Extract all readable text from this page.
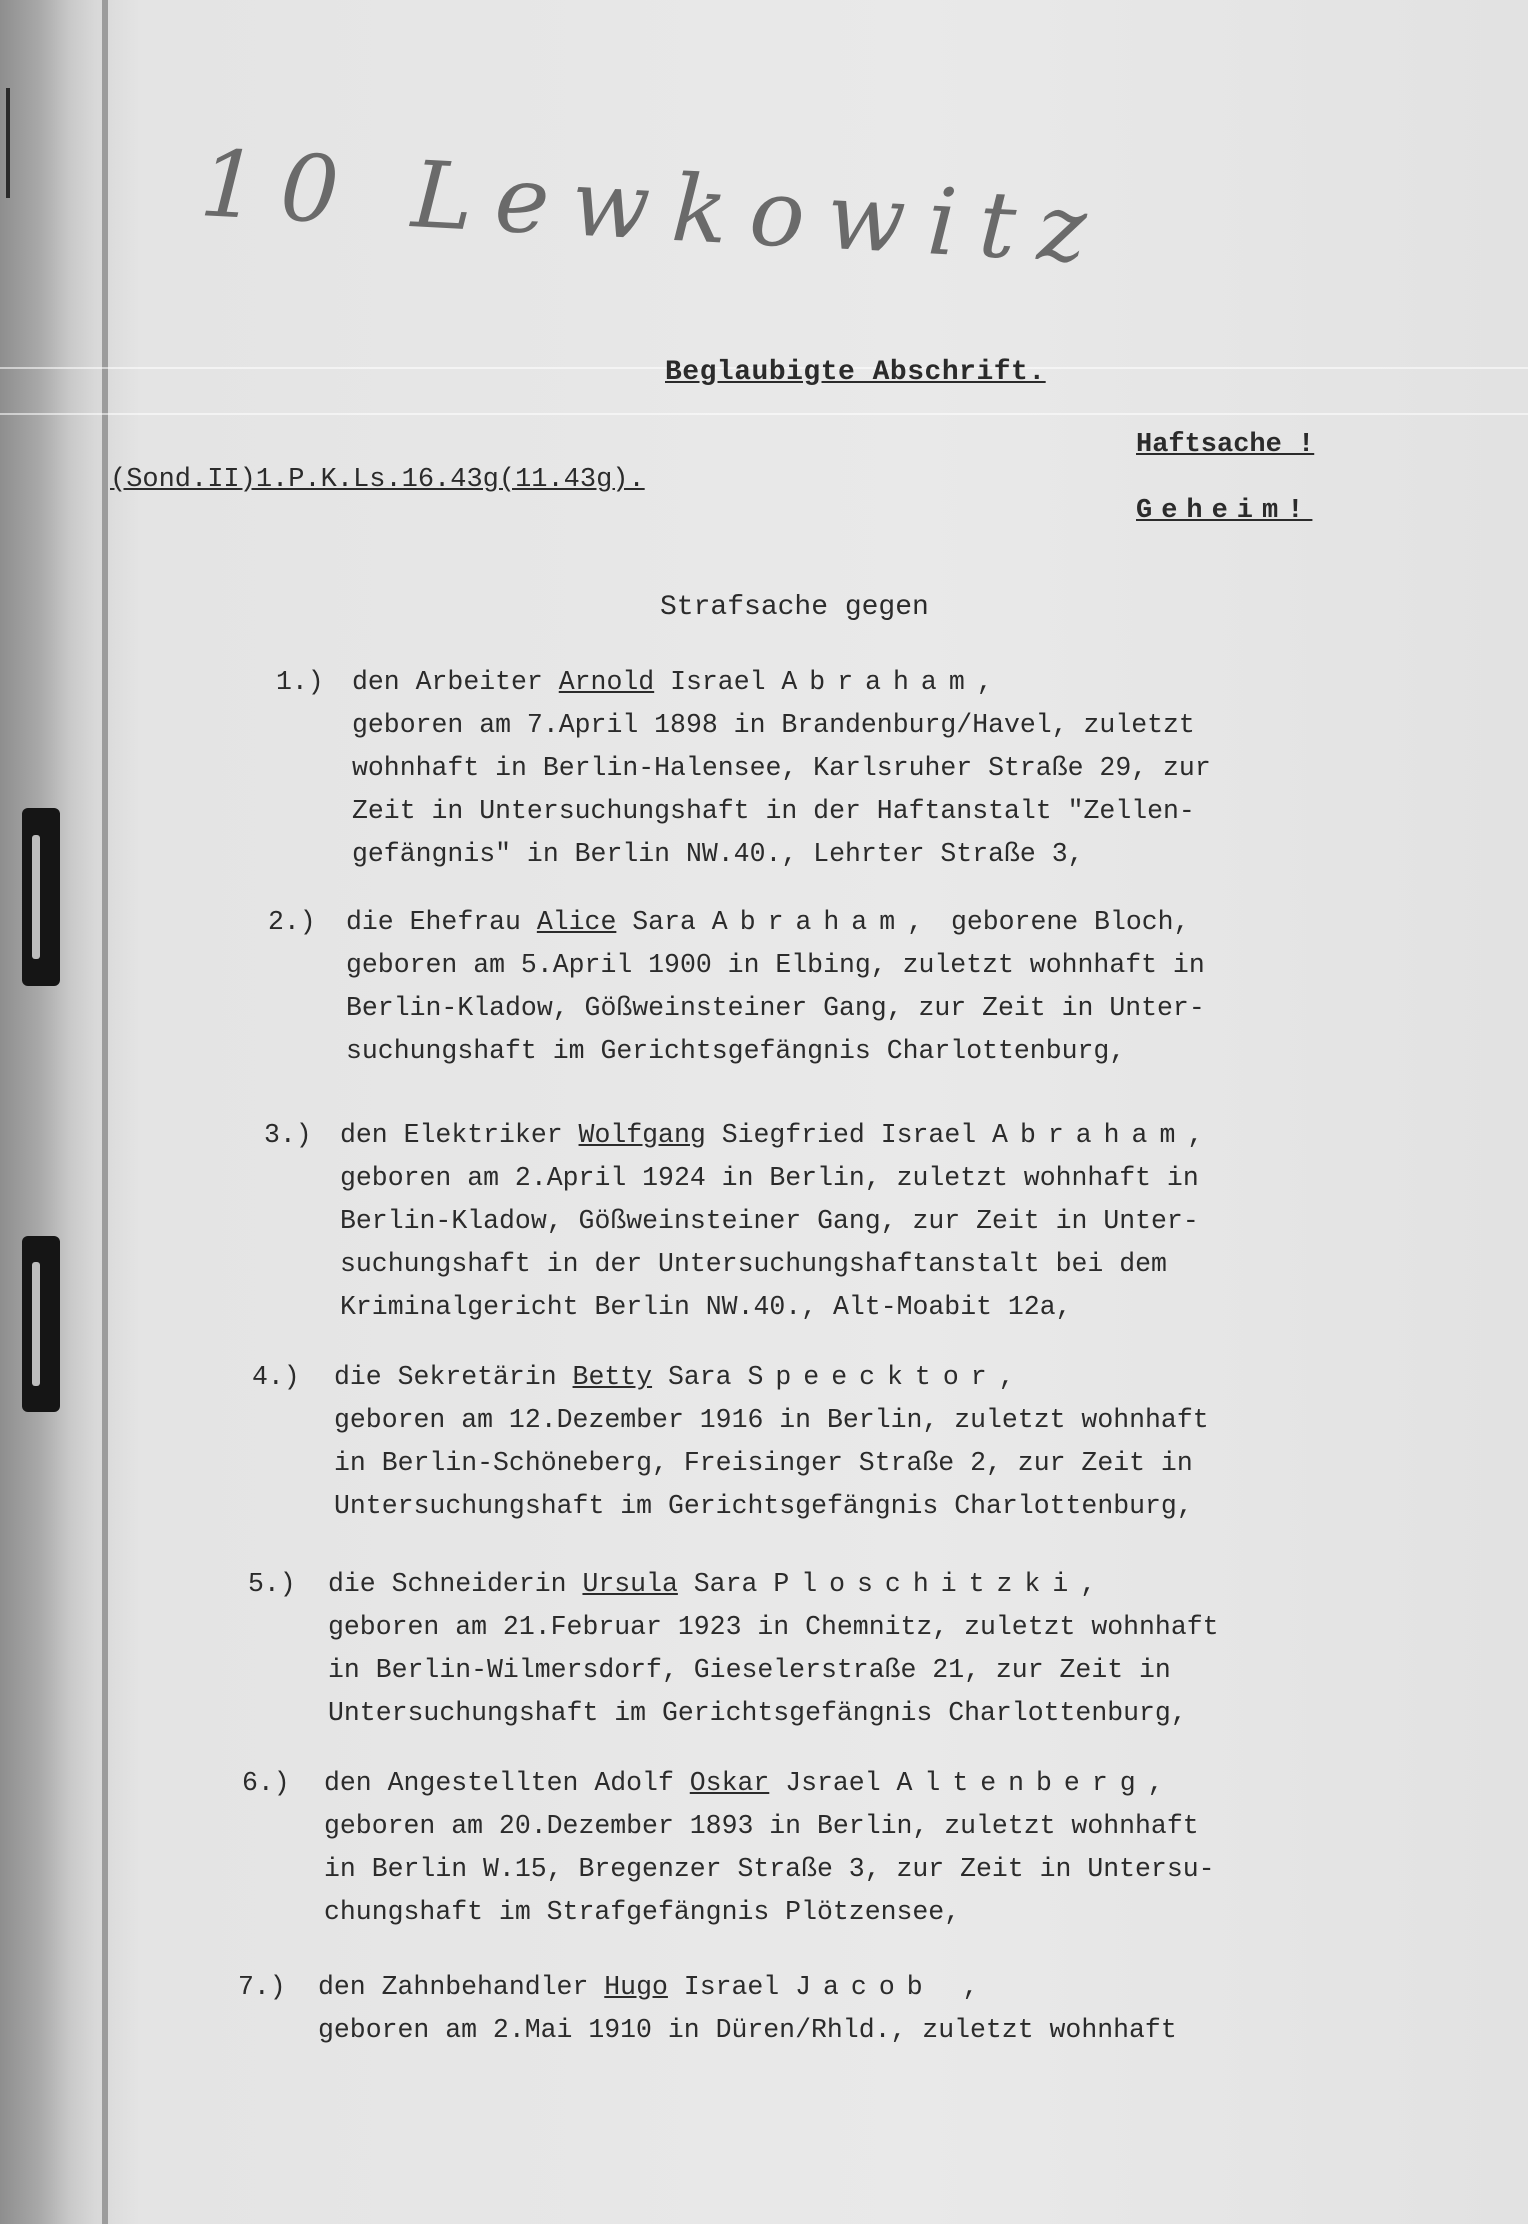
10 Lewkowitz
Beglaubigte Abschrift.
Haftsache !
(Sond.II)1.P.K.Ls.16.43g(11.43g).
Geheim!
Strafsache gegen
1.) den Arbeiter Arnold Israel Abraham,
geboren am 7.April 1898 in Brandenburg/Havel, zuletzt
wohnhaft in Berlin-Halensee, Karlsruher Straße 29, zur
Zeit in Untersuchungshaft in der Haftanstalt "Zellen-
gefängnis" in Berlin NW.40., Lehrter Straße 3,
2.) die Ehefrau Alice Sara Abraham, geborene Bloch,
geboren am 5.April 1900 in Elbing, zuletzt wohnhaft in
Berlin-Kladow, Gößweinsteiner Gang, zur Zeit in Unter-
suchungshaft im Gerichtsgefängnis Charlottenburg,
3.) den Elektriker Wolfgang Siegfried Israel Abraham,
geboren am 2.April 1924 in Berlin, zuletzt wohnhaft in
Berlin-Kladow, Gößweinsteiner Gang, zur Zeit in Unter-
suchungshaft in der Untersuchungshaftanstalt bei dem
Kriminalgericht Berlin NW.40., Alt-Moabit 12a,
4.) die Sekretärin Betty Sara Speecktor,
geboren am 12.Dezember 1916 in Berlin, zuletzt wohnhaft
in Berlin-Schöneberg, Freisinger Straße 2, zur Zeit in
Untersuchungshaft im Gerichtsgefängnis Charlottenburg,
5.) die Schneiderin Ursula Sara Ploschitzki,
geboren am 21.Februar 1923 in Chemnitz, zuletzt wohnhaft
in Berlin-Wilmersdorf, Gieselerstraße 21, zur Zeit in
Untersuchungshaft im Gerichtsgefängnis Charlottenburg,
6.) den Angestellten Adolf Oskar Jsrael Altenberg,
geboren am 20.Dezember 1893 in Berlin, zuletzt wohnhaft
in Berlin W.15, Bregenzer Straße 3, zur Zeit in Untersu-
chungshaft im Strafgefängnis Plötzensee,
7.) den Zahnbehandler Hugo Israel Jacob ,
geboren am 2.Mai 1910 in Düren/Rhld., zuletzt wohnhaft
